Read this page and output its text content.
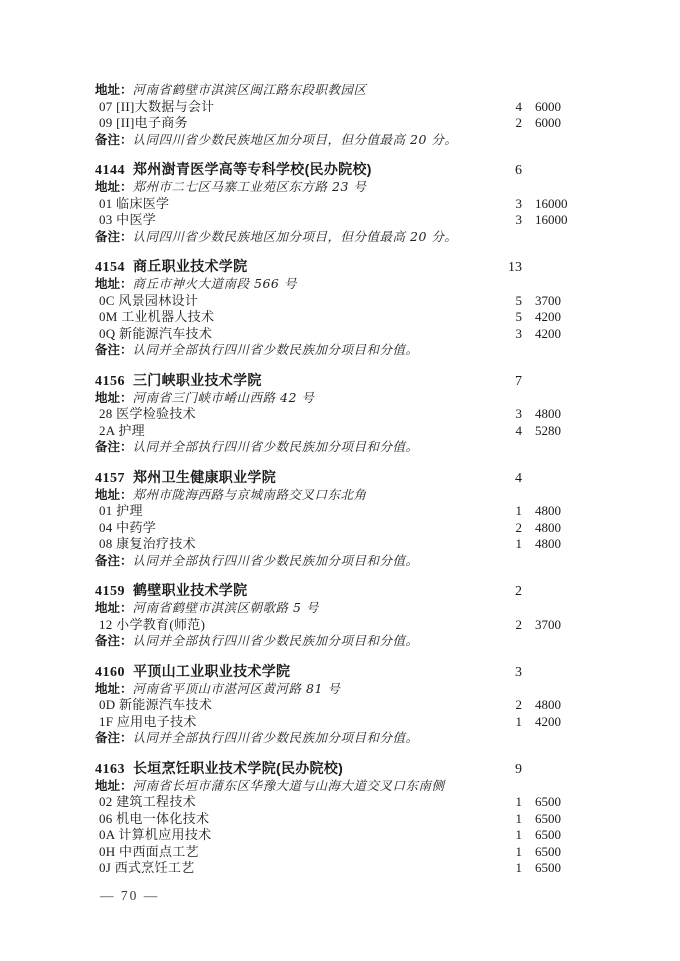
地址： 河南省鹤壁市淇滨区闽江路东段职教园区
07 [II]大数据与会计	4 6000
09 [II]电子商务	2 6000
备注： 认同四川省少数民族地区加分项目，但分值最高 20 分。
4144 郑州澍青医学高等专科学校(民办院校)	6
地址： 郑州市二七区马寨工业苑区东方路 23 号
01 临床医学	3 16000
03 中医学	3 16000
备注： 认同四川省少数民族地区加分项目，但分值最高 20 分。
4154 商丘职业技术学院	13
地址： 商丘市神火大道南段 566 号
0C 风景园林设计	5 3700
0M 工业机器人技术	5 4200
0Q 新能源汽车技术	3 4200
备注： 认同并全部执行四川省少数民族加分项目和分值。
4156 三门峡职业技术学院	7
地址： 河南省三门峡市崤山西路 42 号
28 医学检验技术	3 4800
2A 护理	4 5280
备注： 认同并全部执行四川省少数民族加分项目和分值。
4157 郑州卫生健康职业学院	4
地址： 郑州市陇海西路与京城南路交叉口东北角
01 护理	1 4800
04 中药学	2 4800
08 康复治疗技术	1 4800
备注： 认同并全部执行四川省少数民族加分项目和分值。
4159 鹤壁职业技术学院	2
地址： 河南省鹤壁市淇滨区朝歌路 5 号
12 小学教育(师范)	2 3700
备注： 认同并全部执行四川省少数民族加分项目和分值。
4160 平顶山工业职业技术学院	3
地址： 河南省平顶山市湛河区黄河路 81 号
0D 新能源汽车技术	2 4800
1F 应用电子技术	1 4200
备注： 认同并全部执行四川省少数民族加分项目和分值。
4163 长垣烹饪职业技术学院(民办院校)	9
地址： 河南省长垣市蒲东区华豫大道与山海大道交叉口东南侧
02 建筑工程技术	1 6500
06 机电一体化技术	1 6500
0A 计算机应用技术	1 6500
0H 中西面点工艺	1 6500
0J 西式烹饪工艺	1 6500
— 70 —
